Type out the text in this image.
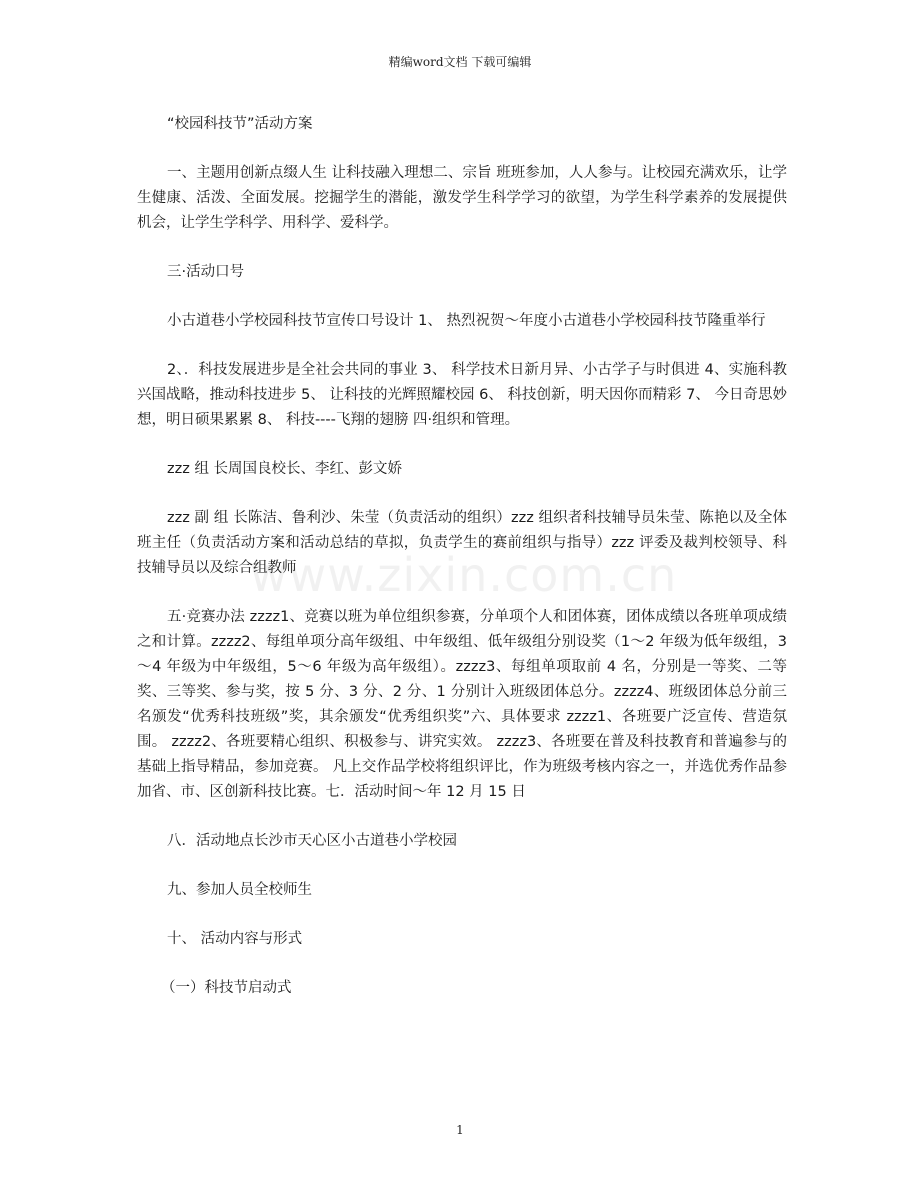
精编word文档 下载可编辑
www.zixin.com.cn

“校园科技节”活动方案

一、主题用创新点缀人生 让科技融入理想二、宗旨 班班参加，人人参与。让校园充满欢乐，让学生健康、活泼、全面发展。挖掘学生的潜能，激发学生科学学习的欲望，为学生科学素养的发展提供机会，让学生学科学、用科学、爱科学。

三·活动口号

小古道巷小学校园科技节宣传口号设计 1、 热烈祝贺～年度小古道巷小学校园科技节隆重举行

2、．科技发展进步是全社会共同的事业 3、 科学技术日新月异、小古学子与时俱进 4、实施科教兴国战略，推动科技进步 5、 让科技的光辉照耀校园 6、 科技创新，明天因你而精彩 7、 今日奇思妙想，明日硕果累累 8、 科技----飞翔的翅膀 四·组织和管理。

zzz 组 长周国良校长、李红、彭文娇

zzz 副 组 长陈洁、鲁利沙、朱莹（负责活动的组织）zzz 组织者科技辅导员朱莹、陈艳以及全体班主任（负责活动方案和活动总结的草拟，负责学生的赛前组织与指导）zzz 评委及裁判校领导、科技辅导员以及综合组教师

五·竞赛办法 zzzz1、竞赛以班为单位组织参赛，分单项个人和团体赛，团体成绩以各班单项成绩之和计算。zzzz2、每组单项分高年级组、中年级组、低年级组分别设奖（1～2 年级为低年级组，3～4 年级为中年级组，5～6 年级为高年级组）。zzzz3、每组单项取前 4 名，分别是一等奖、二等奖、三等奖、参与奖，按 5 分、3 分、2 分、1 分别计入班级团体总分。zzzz4、班级团体总分前三名颁发“优秀科技班级”奖，其余颁发“优秀组织奖”六、具体要求 zzzz1、各班要广泛宣传、营造氛围。 zzzz2、各班要精心组织、积极参与、讲究实效。 zzzz3、各班要在普及科技教育和普遍参与的基础上指导精品，参加竞赛。 凡上交作品学校将组织评比，作为班级考核内容之一，并选优秀作品参加省、市、区创新科技比赛。七．活动时间～年 12 月 15 日

八．活动地点长沙市天心区小古道巷小学校园

九、参加人员全校师生

十、 活动内容与形式

（一）科技节启动式

1
